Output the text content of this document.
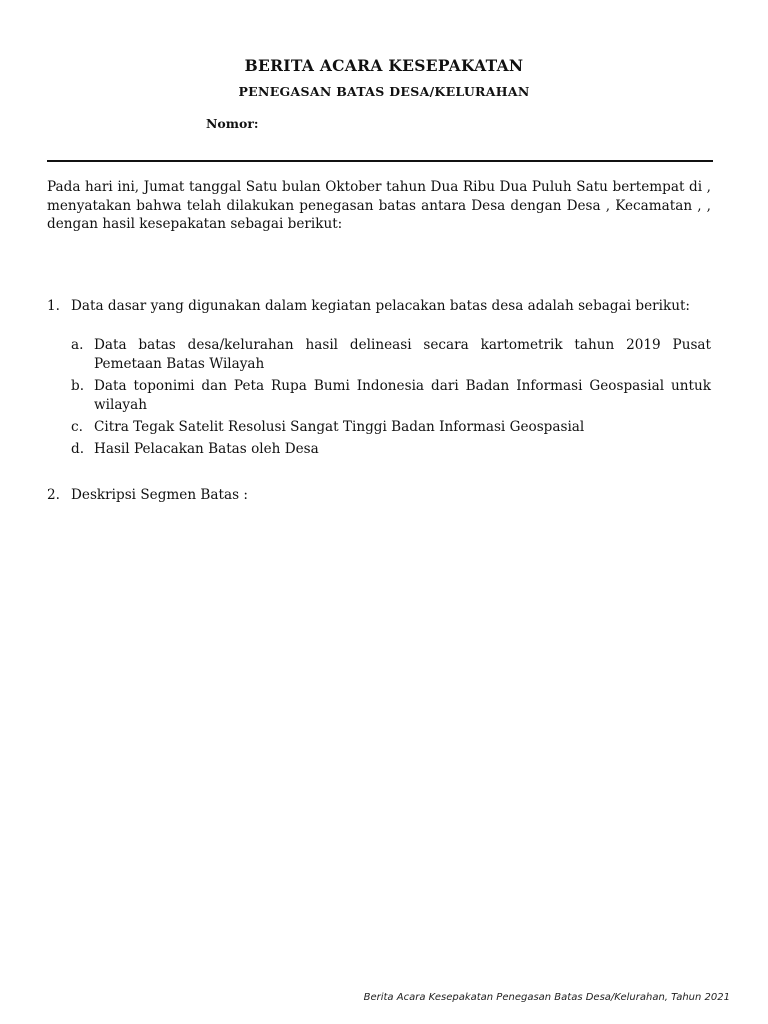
BERITA ACARA KESEPAKATAN
PENEGASAN BATAS DESA/KELURAHAN
Nomor:
Pada hari ini, Jumat tanggal Satu bulan Oktober tahun Dua Ribu Dua Puluh Satu bertempat di , menyatakan bahwa telah dilakukan penegasan batas antara Desa dengan Desa , Kecamatan , , dengan hasil kesepakatan sebagai berikut:
1. Data dasar yang digunakan dalam kegiatan pelacakan batas desa adalah sebagai berikut:
a. Data batas desa/kelurahan hasil delineasi secara kartometrik tahun 2019 Pusat Pemetaan Batas Wilayah
b. Data toponimi dan Peta Rupa Bumi Indonesia dari Badan Informasi Geospasial untuk wilayah
c. Citra Tegak Satelit Resolusi Sangat Tinggi Badan Informasi Geospasial
d. Hasil Pelacakan Batas oleh Desa
2. Deskripsi Segmen Batas :
Berita Acara Kesepakatan Penegasan Batas Desa/Kelurahan, Tahun 2021
